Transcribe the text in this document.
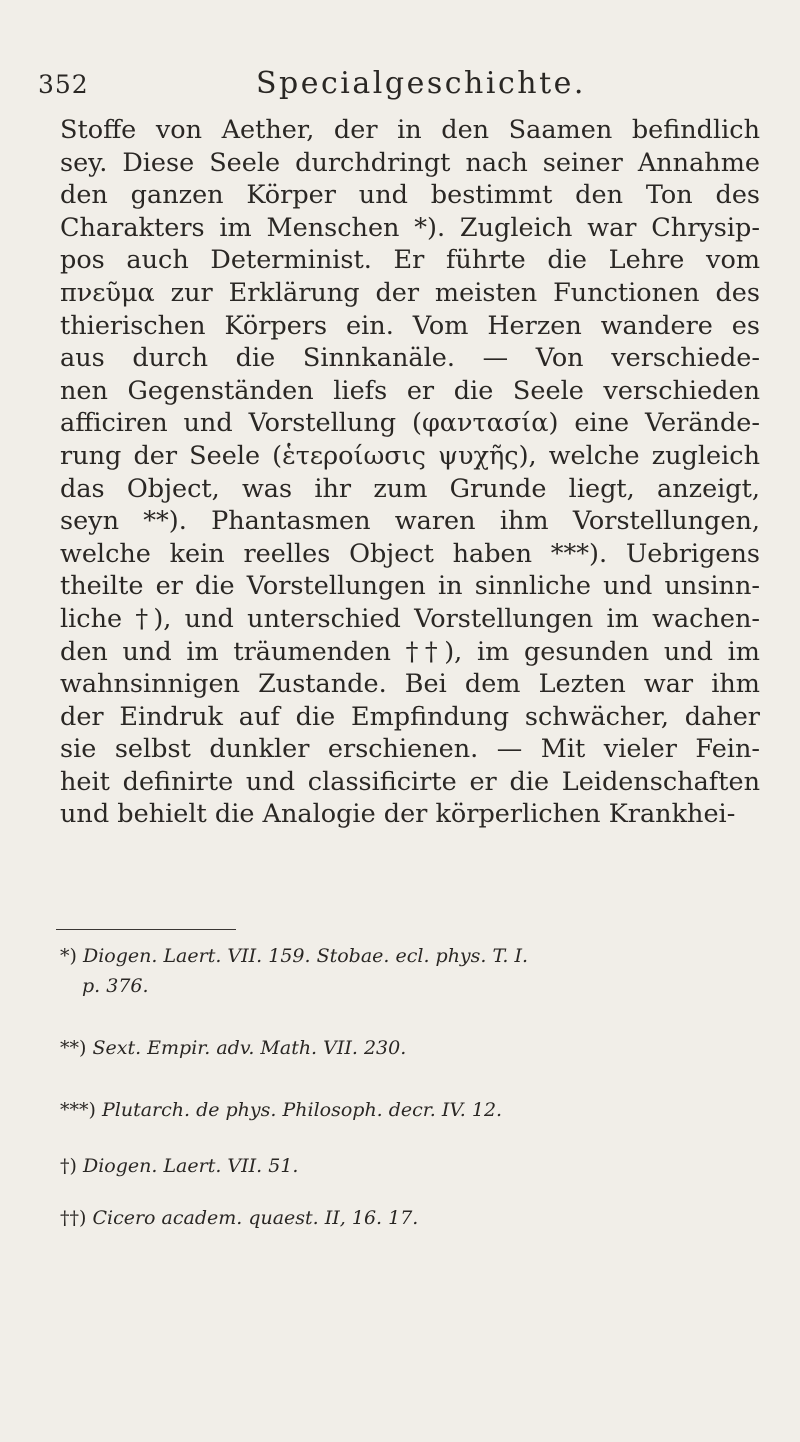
352	Specialgeschichte.
Stoffe von Aether, der in den Saamen befindlich
sey. Diese Seele durchdringt nach seiner Annahme
den ganzen Körper und bestimmt den Ton des
Charakters im Menschen *). Zugleich war Chrysip-
pos auch Determinist. Er führte die Lehre vom
πνεῦμα zur Erklärung der meisten Functionen des
thierischen Körpers ein. Vom Herzen wandere es
aus durch die Sinnkanäle. — Von verschiede-
nen Gegenständen liefs er die Seele verschieden
afficiren und Vorstellung (φαντασία) eine Verände-
rung der Seele (ἑτεροίωσις ψυχῆς), welche zugleich
das Object, was ihr zum Grunde liegt, anzeigt,
seyn **). Phantasmen waren ihm Vorstellungen,
welche kein reelles Object haben ***). Uebrigens
theilte er die Vorstellungen in sinnliche und unsinn-
liche †), und unterschied Vorstellungen im wachen-
den und im träumenden ††), im gesunden und im
wahnsinnigen Zustande. Bei dem Lezten war ihm
der Eindruk auf die Empfindung schwächer, daher
sie selbst dunkler erschienen. — Mit vieler Fein-
heit definirte und classificirte er die Leidenschaften
und behielt die Analogie der körperlichen Krankhei-
*) Diogen. Laert. VII. 159. Stobae. ecl. phys. T. I.
p. 376.
**) Sext. Empir. adv. Math. VII. 230.
***) Plutarch. de phys. Philosoph. decr. IV. 12.
†) Diogen. Laert. VII. 51.
††) Cicero academ. quaest. II, 16. 17.
